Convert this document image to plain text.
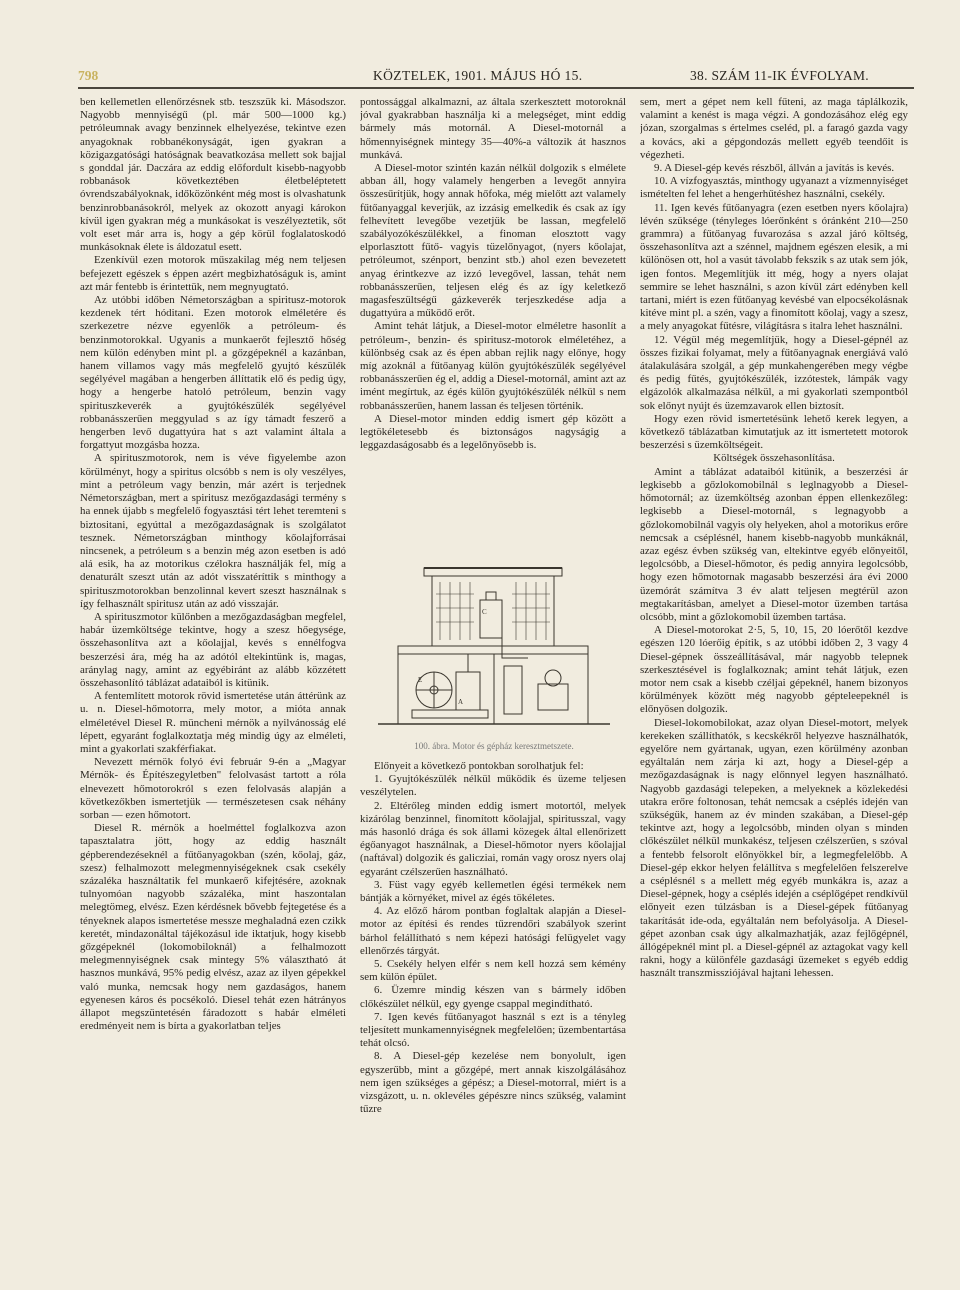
798	KÖZTELEK, 1901. MÁJUS HÓ 15.	38. SZÁM 11-IK ÉVFOLYAM.

ben kellemetlen ellenőrzésnek stb. teszszük ki. Másodszor. Nagyobb mennyiségű (pl. már 500—1000 kg.) petróleumnak avagy benzinnek elhelyezése, tekintve ezen anyagoknak robbanékonyságát, igen gyakran a közigazgatósági hatóságnak beavatkozása mellett sok bajjal s gonddal jár. Daczára az eddig előfordult kisebb-nagyobb robbanások következtében életbeléptetett óvrendszabályoknak, időközönként még most is olvashatunk benzinrobbanásokról, melyek az okozott anyagi károkon kívül igen gyakran még a munkásokat is veszélyeztetik, sőt volt eset már arra is, hogy a gép körül foglalatoskodó munkásoknak élete is áldozatul esett.

Ezenkívül ezen motorok műszakilag még nem teljesen befejezett egészek s éppen azért megbizhatóságuk is, amint azt már fentebb is érintettük, nem megnyugtató.

Az utóbbi időben Németországban a spiritusz-motorok kezdenek tért hóditani. Ezen motorok elméletére és szerkezetre nézve egyenlők a petróleum- és benzinmotorokkal. Ugyanis a munkaerőt fejlesztő hőség nem külön edényben mint pl. a gőzgépeknél a kazánban, hanem villamos vagy más megfelelő gyujtó készülék segélyével magában a hengerben állíttatik elő és pedig úgy, hogy a hengerbe hatoló petróleum, benzin vagy spirituszkeverék a gyujtókészülék segélyével robbanásszerűen meggyulad s az így támadt feszerő a hengerben levő dugattyúra hat s azt valamint általa a forgattyut mozgásba hozza.

A spirituszmotorok, nem is véve figyelembe azon körülményt, hogy a spiritus olcsóbb s nem is oly veszélyes, mint a petróleum vagy benzin, már azért is terjednek Németországban, mert a spiritusz mezőgazdasági termény s ha ennek újabb s megfelelő fogyasztási tért lehet teremteni s biztositani, egyúttal a mezőgazdaságnak is szolgálatot tesznek. Németországban minthogy kőolajforrásai nincsenek, a petróleum s a benzin még azon esetben is adó alá esik, ha az motorikus czélokra használják fel, míg a denaturált szeszt után az adót visszatéríttik s minthogy a spirituszmotorokban benzolinnal kevert szeszt használnak s így felhasznált spiritusz után az adó visszajár.

A spirituszmotor külőnben a mezőgazdaságban megfelel, habár üzemköltsége tekintve, hogy a szesz hőegysége, összehasonlítva azt a kőolajjal, kevés s ennélfogva beszerzési ára, még ha az adótól eltekintünk is, magas, aránylag nagy, amint az egyébiránt az alább közzétett összehasonlító táblázat adataiból is kitünik.

A fentemlített motorok rövid ismertetése után áttérünk az u. n. Diesel-hőmotorra, mely motor, a mióta annak elméletével Diesel R. müncheni mérnök a nyilvánosság elé lépett, egyaránt foglalkoztatja még mindig úgy az elméleti, mint a gyakorlati szakférfiakat.

Nevezett mérnök folyó évi február 9-én a „Magyar Mérnök- és Építészegyletben" felolvasást tartott a róla elnevezett hőmotorokról s ezen felolvasás alapján a következőkben ismertetjük — természetesen csak néhány sorban — ezen hőmotort.

Diesel R. mérnök a hoelméttel foglalkozva azon tapasztalatra jött, hogy az eddig használt gépberendezéseknél a fűtőanyagokban (szén, kőolaj, gáz, szesz) felhalmozott melegmennyiségeknek csak csekély százaléka használtatik fel munkaerő kifejtésére, azoknak tulnyomóan nagyobb százaléka, mint haszontalan melegtömeg, elvész. Ezen kérdésnek bővebb fejtegetése és a tényeknek alapos ismertetése messze meghaladná ezen czikk keretét, mindazonáltal tájékozásul ide iktatjuk, hogy kisebb gőzgépeknél (lokomobiloknál) a felhalmozott melegmennyiségnek csak mintegy 5% választható át hasznos munkává, 95% pedig elvész, azaz az ilyen gépekkel való munka, nemcsak hogy nem gazdaságos, hanem egyenesen káros és pocsékoló. Diesel tehát ezen hátrányos állapot megszüntetésén fáradozott s habár elméleti eredményeit nem is bírta a gyakorlatban teljes

pontossággal alkalmazni, az általa szerkesztett motoroknál jóval gyakrabban használja ki a melegséget, mint eddig bármely más motornál. A Diesel-motornál a hőmennyiségnek mintegy 35—40%-a változik át hasznos munkává.

A Diesel-motor szintén kazán nélkül dolgozik s elmélete abban áll, hogy valamely hengerben a levegőt annyira összesűrítjük, hogy annak hőfoka, még mielőtt azt valamely fűtőanyaggal keverjük, az izzásig emelkedik és csak az így felhevített levegőbe vezetjük be lassan, megfelelő szabályozókészülékkel, a finoman elosztott vagy elporlasztott fűtő- vagyis tüzelőnyagot, (nyers kőolajat, petróleumot, szénport, benzint stb.) ahol ezen bevezetett anyag érintkezve az izzó levegővel, lassan, tehát nem robbanásszerűen, teljesen elég és az így keletkező magasfeszültségű gázkeverék terjeszkedése adja a dugattyúra a működő erőt.

Amint tehát látjuk, a Diesel-motor elméletre hasonlít a petróleum-, benzin- és spiritusz-motorok elméletéhez, a különbség csak az és épen abban rejlik nagy előnye, hogy míg azoknál a fűtőanyag külön gyujtókészülék segélyével robbanásszerűen ég el, addig a Diesel-motornál, amint azt az imént megírtuk, az égés külön gyujtókészülék nélkül s nem robbanásszerűen, hanem lassan és teljesen történik.

A Diesel-motor minden eddig ismert gép között a legtökéletesebb és biztonságos nagyságig a leggazdaságosabb és a legelőnyösebb is.

E
A
C
100. ábra. Motor és gépház keresztmetszete.

Előnyeit a következő pontokban sorolhatjuk fel:

1. Gyujtókészülék nélkül működik és üzeme teljesen veszélytelen.

2. Eltérőleg minden eddig ismert motortól, melyek kizárólag benzinnel, finomított kőolajjal, spiritusszal, vagy más hasonló drága és sok állami közegek által ellenőrizett égőanyagot használnak, a Diesel-hőmotor nyers kőolajjal (naftával) dolgozik és galicziai, román vagy orosz nyers olaj egyaránt czélszerűen használható.

3. Füst vagy egyéb kellemetlen égési termékek nem bántják a környéket, mivel az égés tökéletes.

4. Az előző három pontban foglaltak alapján a Diesel-motor az építési és rendes tűzrendőri szabályok szerint bárhol felállítható s nem képezi hatósági felügyelet vagy ellenőrzés tárgyát.

5. Csekély helyen elfér s nem kell hozzá sem kémény sem külön épület.

6. Üzemre mindig készen van s bármely időben clőkészület nélkül, egy gyenge csappal megindítható.

7. Igen kevés fűtőanyagot használ s ezt is a tényleg teljesített munkamennyiségnek megfelelően; üzembentartása tehát olcsó.

8. A Diesel-gép kezelése nem bonyolult, igen egyszerűbb, mint a gőzgépé, mert annak kiszolgálásához nem igen szükséges a gépész; a Diesel-motorral, miért is a vizsgázott, u. n. oklevéles gépészre nincs szükség, valamint tűzre

sem, mert a gépet nem kell fűteni, az maga táplálkozik, valamint a kenést is maga végzi. A gondozásához elég egy józan, szorgalmas s értelmes cseléd, pl. a faragó gazda vagy a kovács, aki a gépgondozás mellett egyéb teendőit is végezheti.

9. A Diesel-gép kevés részből, állván a javítás is kevés.

10. A vízfogyasztás, minthogy ugyanazt a vízmennyiséget ismételten fel lehet a hengerhűtéshez használni, csekély.

11. Igen kevés fűtőanyagra (ezen esetben nyers kőolajra) lévén szüksége (tényleges lóerőnként s óránként 210—250 grammra) a fűtőanyag fuvarozása s azzal járó költség, összehasonlítva azt a szénnel, majdnem egészen elesik, a mi különösen ott, hol a vasút távolabb fekszik s az utak sem jók, igen fontos. Megemlítjük itt még, hogy a nyers olajat semmire se lehet használni, s azon kívül zárt edényben kell tartani, miért is ezen fűtőanyag kevésbé van elpocsékolásnak kitéve mint pl. a szén, vagy a finomított kőolaj, vagy a szesz, a mely anyagokat fűtésre, világításra s italra lehet használni.

12. Végül még megemlítjük, hogy a Diesel-gépnél az összes fizikai folyamat, mely a fűtőanyagnak energiává való átalakulására szolgál, a gép munkahengerében megy végbe és pedig fűtés, gyujtókészülék, izzótestek, lámpák vagy elgázolók alkalmazása nélkül, a mi gyakorlati szempontból sok előnyt nyújt és üzemzavarok ellen biztosít.

Hogy ezen rövid ismertetésünk lehető kerek legyen, a következő táblázatban kimutatjuk az itt ismertetett motorok beszerzési s üzemköltségeit.

Költségek összehasonlítása.

Amint a táblázat adataiból kitünik, a beszerzési ár legkisebb a gőzlokomobilnál s leglnagyobb a Diesel-hőmotornál; az üzemköltség azonban éppen ellenkezőleg: legkisebb a Diesel-motornál, s legnagyobb a gőzlokomobilnál vagyis oly helyeken, ahol a motorikus erőre nemcsak a cséplésnél, hanem kisebb-nagyobb munkáknál, azaz egész évben szükség van, eltekintve egyéb előnyeitől, legolcsóbb, a Diesel-hőmotor, és pedig annyira legolcsóbb, hogy ezen hőmotornak magasabb beszerzési ára évi 2000 üzemórát számítva 3 év alatt teljesen megtérül azon megtakarításban, amelyet a Diesel-motor üzemben tartása olcsóbb, mint a gőzlokomobil üzemben tartása.

A Diesel-motorokat 2·5, 5, 10, 15, 20 lóerőtől kezdve egészen 120 lóerőig építik, s az utóbbi időben 2, 3 vagy 4 Diesel-gépnek összeállításával, már nagyobb telepnek szerkesztésével is foglalkoznak; amint tehát látjuk, ezen motor nem csak a kisebb czéljai gépeknél, hanem bizonyos körülmények között még nagyobb gépteleepeknél is előnyösen dolgozik.

Diesel-lokomobilokat, azaz olyan Diesel-motort, melyek kerekeken szállíthatók, s kecskékről helyezve használhatók, egyelőre nem gyártanak, ugyan, ezen körülmény azonban egyáltalán nem zárja ki azt, hogy a Diesel-gép a mezőgazdaságnak is nagy előnnyel legyen használható. Nagyobb gazdasági telepeken, a melyeknek a közlekedési utakra erőre foltonosan, tehát nemcsak a cséplés idején van szükségük, hanem az év minden szakában, a Diesel-gép tekintve azt, hogy a legolcsóbb, minden olyan s minden clőkészület nélkül munkakész, teljesen czélszerűen, s szóval a fentebb felsorolt előnyökkel bír, a legmegfelelőbb. A Diesel-gép ekkor helyen felállítva s megfelelően felszerelve a cséplésnél s a mellett még egyéb munkákra is, azaz a Diesel-gépnek, hogy a cséplés idején a cséplőgépet rendkívül előnyeit ezen túlzásban is a Diesel-gépek fűtőanyag takarítását ide-oda, egyáltalán nem befolyásolja. A Diesel-gépet azonban csak úgy alkalmazhatják, azaz fejlőgépnél, állógépeknél mint pl. a Diesel-gépnél az aztagokat vagy kell rakni, hogy a különféle gazdasági üzemeket s egyéb eddig használt transzmissziójával hajtani lehessen.
